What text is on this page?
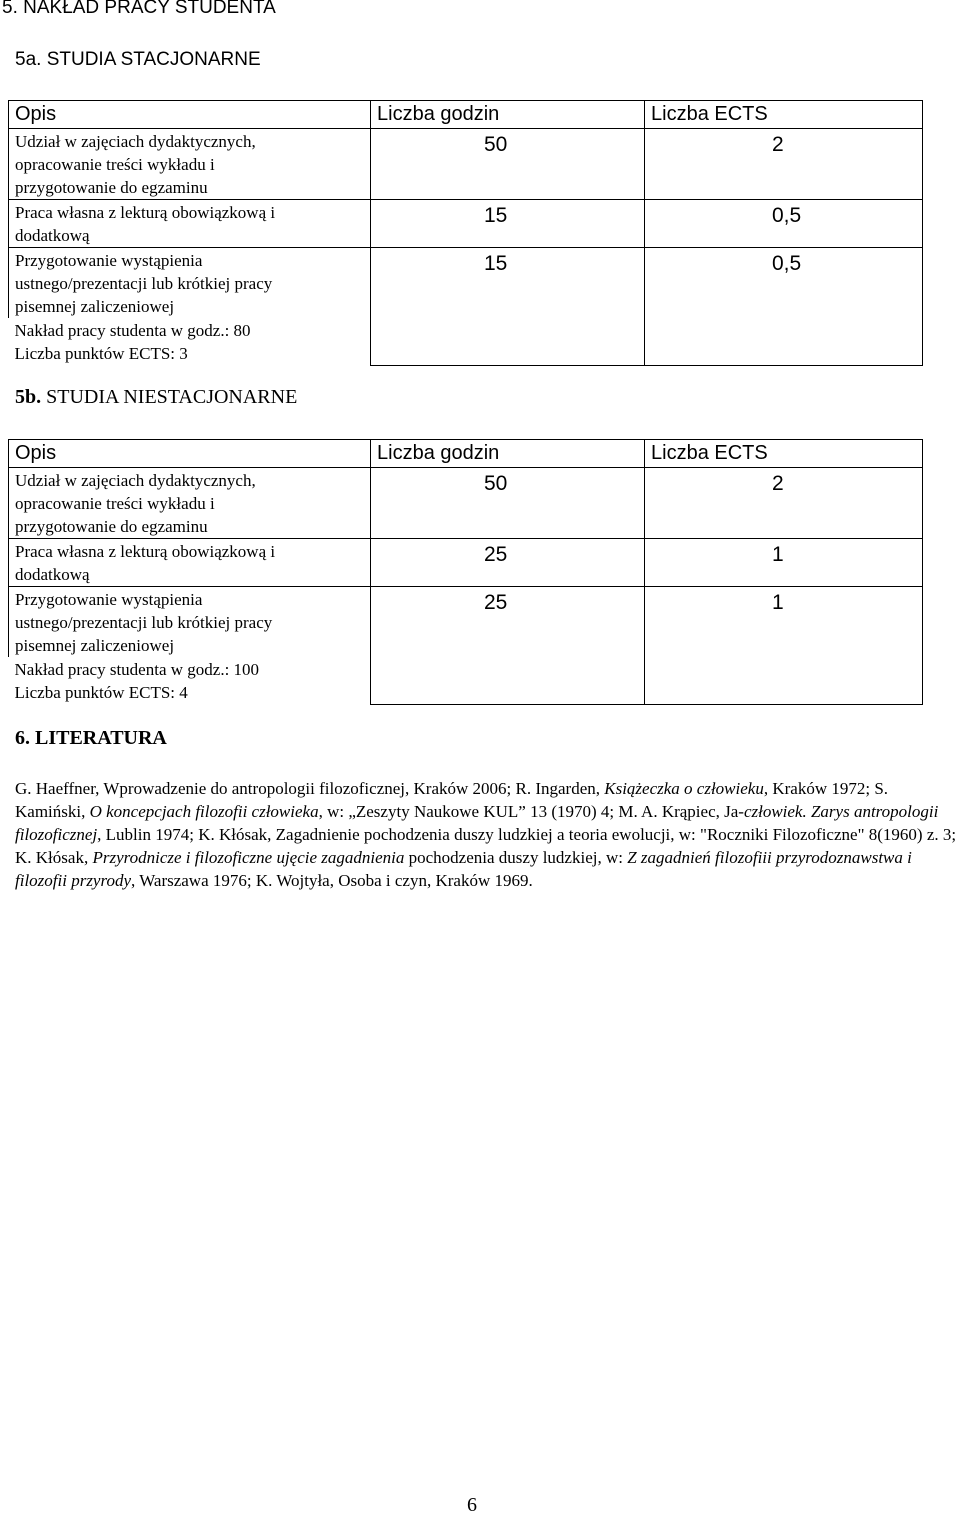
5. NAKŁAD PRACY STUDENTA
5a. STUDIA STACJONARNE
Opis	Liczba godzin	Liczba ECTS

Udział w zajęciach dydaktycznych,
opracowanie treści wykładu i
przygotowanie do egzaminu	50	2

Praca własna z lekturą obowiązkową i
dodatkową	15	0,5

Przygotowanie wystąpienia
ustnego/prezentacji lub krótkiej pracy
pisemnej zaliczeniowej	15	0,5

Nakład pracy studenta w godz.: 80
Liczba punktów ECTS: 3		
5b. STUDIA NIESTACJONARNE
Opis	Liczba godzin	Liczba ECTS

Udział w zajęciach dydaktycznych,
opracowanie treści wykładu i
przygotowanie do egzaminu	50	2

Praca własna z lekturą obowiązkową i
dodatkową	25	1

Przygotowanie wystąpienia
ustnego/prezentacji lub krótkiej pracy
pisemnej zaliczeniowej	25	1

Nakład pracy studenta w godz.: 100
Liczba punktów ECTS: 4		
6. LITERATURA
G. Haeffner, Wprowadzenie do antropologii filozoficznej, Kraków 2006; R. Ingarden, Książeczka o człowieku, Kraków 1972; S. Kamiński, O koncepcjach filozofii człowieka, w: „Zeszyty Naukowe KUL” 13 (1970) 4; M. A. Krąpiec, Ja-człowiek. Zarys antropologii filozoficznej, Lublin 1974; K. Kłósak, Zagadnienie pochodzenia duszy ludzkiej a teoria ewolucji, w: "Roczniki Filozoficzne" 8(1960) z. 3; K. Kłósak, Przyrodnicze i filozoficzne ujęcie zagadnienia pochodzenia duszy ludzkiej, w: Z zagadnień filozofiii przyrodoznawstwa i filozofii przyrody, Warszawa 1976; K. Wojtyła, Osoba i czyn, Kraków 1969.
6
